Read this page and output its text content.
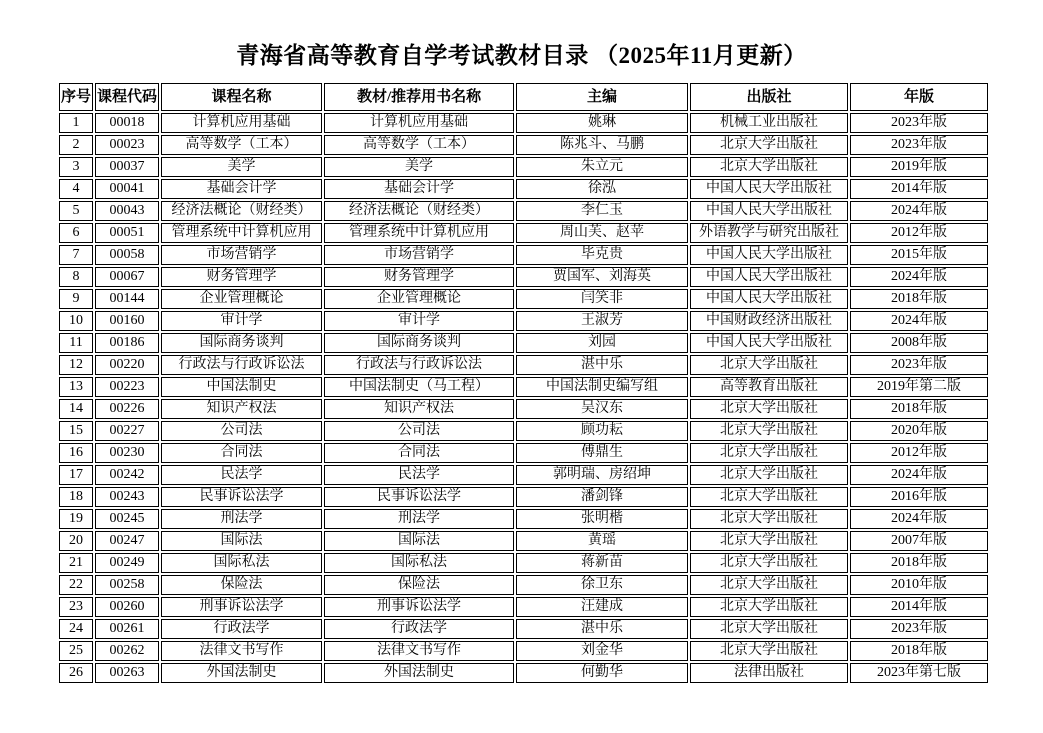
青海省高等教育自学考试教材目录 （2025年11月更新）
序号	课程代码	课程名称	教材/推荐用书名称	主编	出版社	年版
1	00018	计算机应用基础	计算机应用基础	姚琳	机械工业出版社	2023年版
2	00023	高等数学（工本）	高等数学（工本）	陈兆斗、马鹏	北京大学出版社	2023年版
3	00037	美学	美学	朱立元	北京大学出版社	2019年版
4	00041	基础会计学	基础会计学	徐泓	中国人民大学出版社	2014年版
5	00043	经济法概论（财经类）	经济法概论（财经类）	李仁玉	中国人民大学出版社	2024年版
6	00051	管理系统中计算机应用	管理系统中计算机应用	周山芙、赵苹	外语教学与研究出版社	2012年版
7	00058	市场营销学	市场营销学	毕克贵	中国人民大学出版社	2015年版
8	00067	财务管理学	财务管理学	贾国军、刘海英	中国人民大学出版社	2024年版
9	00144	企业管理概论	企业管理概论	闫笑非	中国人民大学出版社	2018年版
10	00160	审计学	审计学	王淑芳	中国财政经济出版社	2024年版
11	00186	国际商务谈判	国际商务谈判	刘园	中国人民大学出版社	2008年版
12	00220	行政法与行政诉讼法	行政法与行政诉讼法	湛中乐	北京大学出版社	2023年版
13	00223	中国法制史	中国法制史（马工程）	中国法制史编写组	高等教育出版社	2019年第二版
14	00226	知识产权法	知识产权法	吴汉东	北京大学出版社	2018年版
15	00227	公司法	公司法	顾功耘	北京大学出版社	2020年版
16	00230	合同法	合同法	傅鼎生	北京大学出版社	2012年版
17	00242	民法学	民法学	郭明瑞、房绍坤	北京大学出版社	2024年版
18	00243	民事诉讼法学	民事诉讼法学	潘剑锋	北京大学出版社	2016年版
19	00245	刑法学	刑法学	张明楷	北京大学出版社	2024年版
20	00247	国际法	国际法	黄瑶	北京大学出版社	2007年版
21	00249	国际私法	国际私法	蒋新苗	北京大学出版社	2018年版
22	00258	保险法	保险法	徐卫东	北京大学出版社	2010年版
23	00260	刑事诉讼法学	刑事诉讼法学	汪建成	北京大学出版社	2014年版
24	00261	行政法学	行政法学	湛中乐	北京大学出版社	2023年版
25	00262	法律文书写作	法律文书写作	刘金华	北京大学出版社	2018年版
26	00263	外国法制史	外国法制史	何勤华	法律出版社	2023年第七版
